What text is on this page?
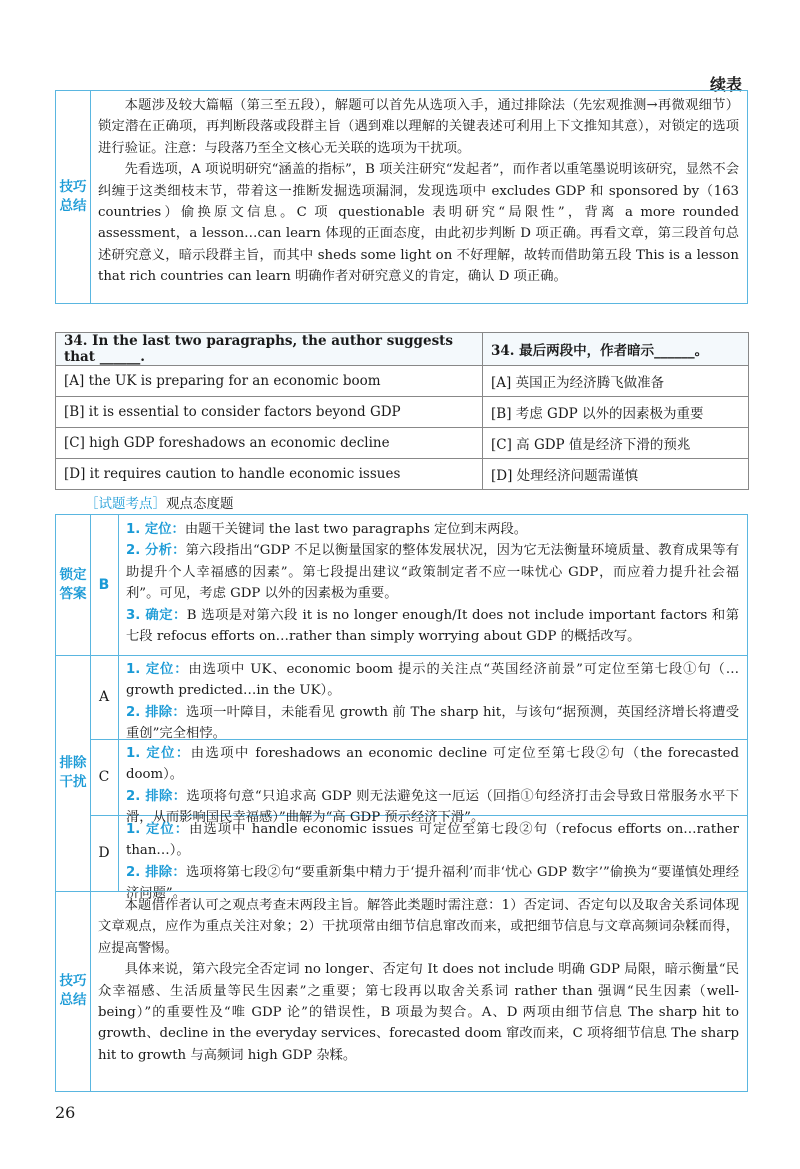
续表
技巧总结
本题涉及较大篇幅（第三至五段），解题可以首先从选项入手，通过排除法（先宏观推测→再微观细节）锁定潜在正确项，再判断段落或段群主旨（遇到难以理解的关键表述可利用上下文推知其意），对锁定的选项进行验证。注意：与段落乃至全文核心无关联的选项为干扰项。
先看选项，A 项说明研究“涵盖的指标”，B 项关注研究“发起者”，而作者以重笔墨说明该研究，显然不会纠缠于这类细枝末节，带着这一推断发掘选项漏洞，发现选项中 excludes GDP 和 sponsored by（163 countries）偷换原文信息。C 项 questionable 表明研究“局限性”，背离 a more rounded assessment，a lesson…can learn 体现的正面态度，由此初步判断 D 项正确。再看文章，第三段首句总述研究意义，暗示段群主旨，而其中 sheds some light on 不好理解，故转而借助第五段 This is a lesson that rich countries can learn 明确作者对研究意义的肯定，确认 D 项正确。
34. In the last two paragraphs, the author suggests that ______.	34. 最后两段中，作者暗示______。
[A] the UK is preparing for an economic boom	[A] 英国正为经济腾飞做准备
[B] it is essential to consider factors beyond GDP	[B] 考虑 GDP 以外的因素极为重要
[C] high GDP foreshadows an economic decline	[C] 高 GDP 值是经济下滑的预兆
[D] it requires caution to handle economic issues	[D] 处理经济问题需谨慎
［试题考点］观点态度题
锁定答案
B
1. 定位：由题干关键词 the last two paragraphs 定位到末两段。
2. 分析：第六段指出“GDP 不足以衡量国家的整体发展状况，因为它无法衡量环境质量、教育成果等有助提升个人幸福感的因素”。第七段提出建议“政策制定者不应一味忧心 GDP，而应着力提升社会福利”。可见，考虑 GDP 以外的因素极为重要。
3. 确定：B 选项是对第六段 it is no longer enough/It does not include important factors 和第七段 refocus efforts on…rather than simply worrying about GDP 的概括改写。
排除干扰
A
1. 定位：由选项中 UK、economic boom 提示的关注点“英国经济前景”可定位至第七段①句（…growth predicted…in the UK）。
2. 排除：选项一叶障目，未能看见 growth 前 The sharp hit，与该句“据预测，英国经济增长将遭受重创”完全相悖。
C
1. 定位：由选项中 foreshadows an economic decline 可定位至第七段②句（the forecasted doom）。
2. 排除：选项将句意“只追求高 GDP 则无法避免这一厄运（回指①句经济打击会导致日常服务水平下滑，从而影响国民幸福感）”曲解为“高 GDP 预示经济下滑”。
D
1. 定位：由选项中 handle economic issues 可定位至第七段②句（refocus efforts on…rather than…）。
2. 排除：选项将第七段②句“要重新集中精力于‘提升福利’而非‘忧心 GDP 数字’”偷换为“要谨慎处理经济问题”。
技巧总结
本题借作者认可之观点考查末两段主旨。解答此类题时需注意：1）否定词、否定句以及取舍关系词体现文章观点，应作为重点关注对象；2）干扰项常由细节信息窜改而来，或把细节信息与文章高频词杂糅而得，应提高警惕。
具体来说，第六段完全否定词 no longer、否定句 It does not include 明确 GDP 局限，暗示衡量“民众幸福感、生活质量等民生因素”之重要；第七段再以取舍关系词 rather than 强调“民生因素（well-being）”的重要性及“唯 GDP 论”的错误性，B 项最为契合。A、D 两项由细节信息 The sharp hit to growth、decline in the everyday services、forecasted doom 窜改而来，C 项将细节信息 The sharp hit to growth 与高频词 high GDP 杂糅。
26
